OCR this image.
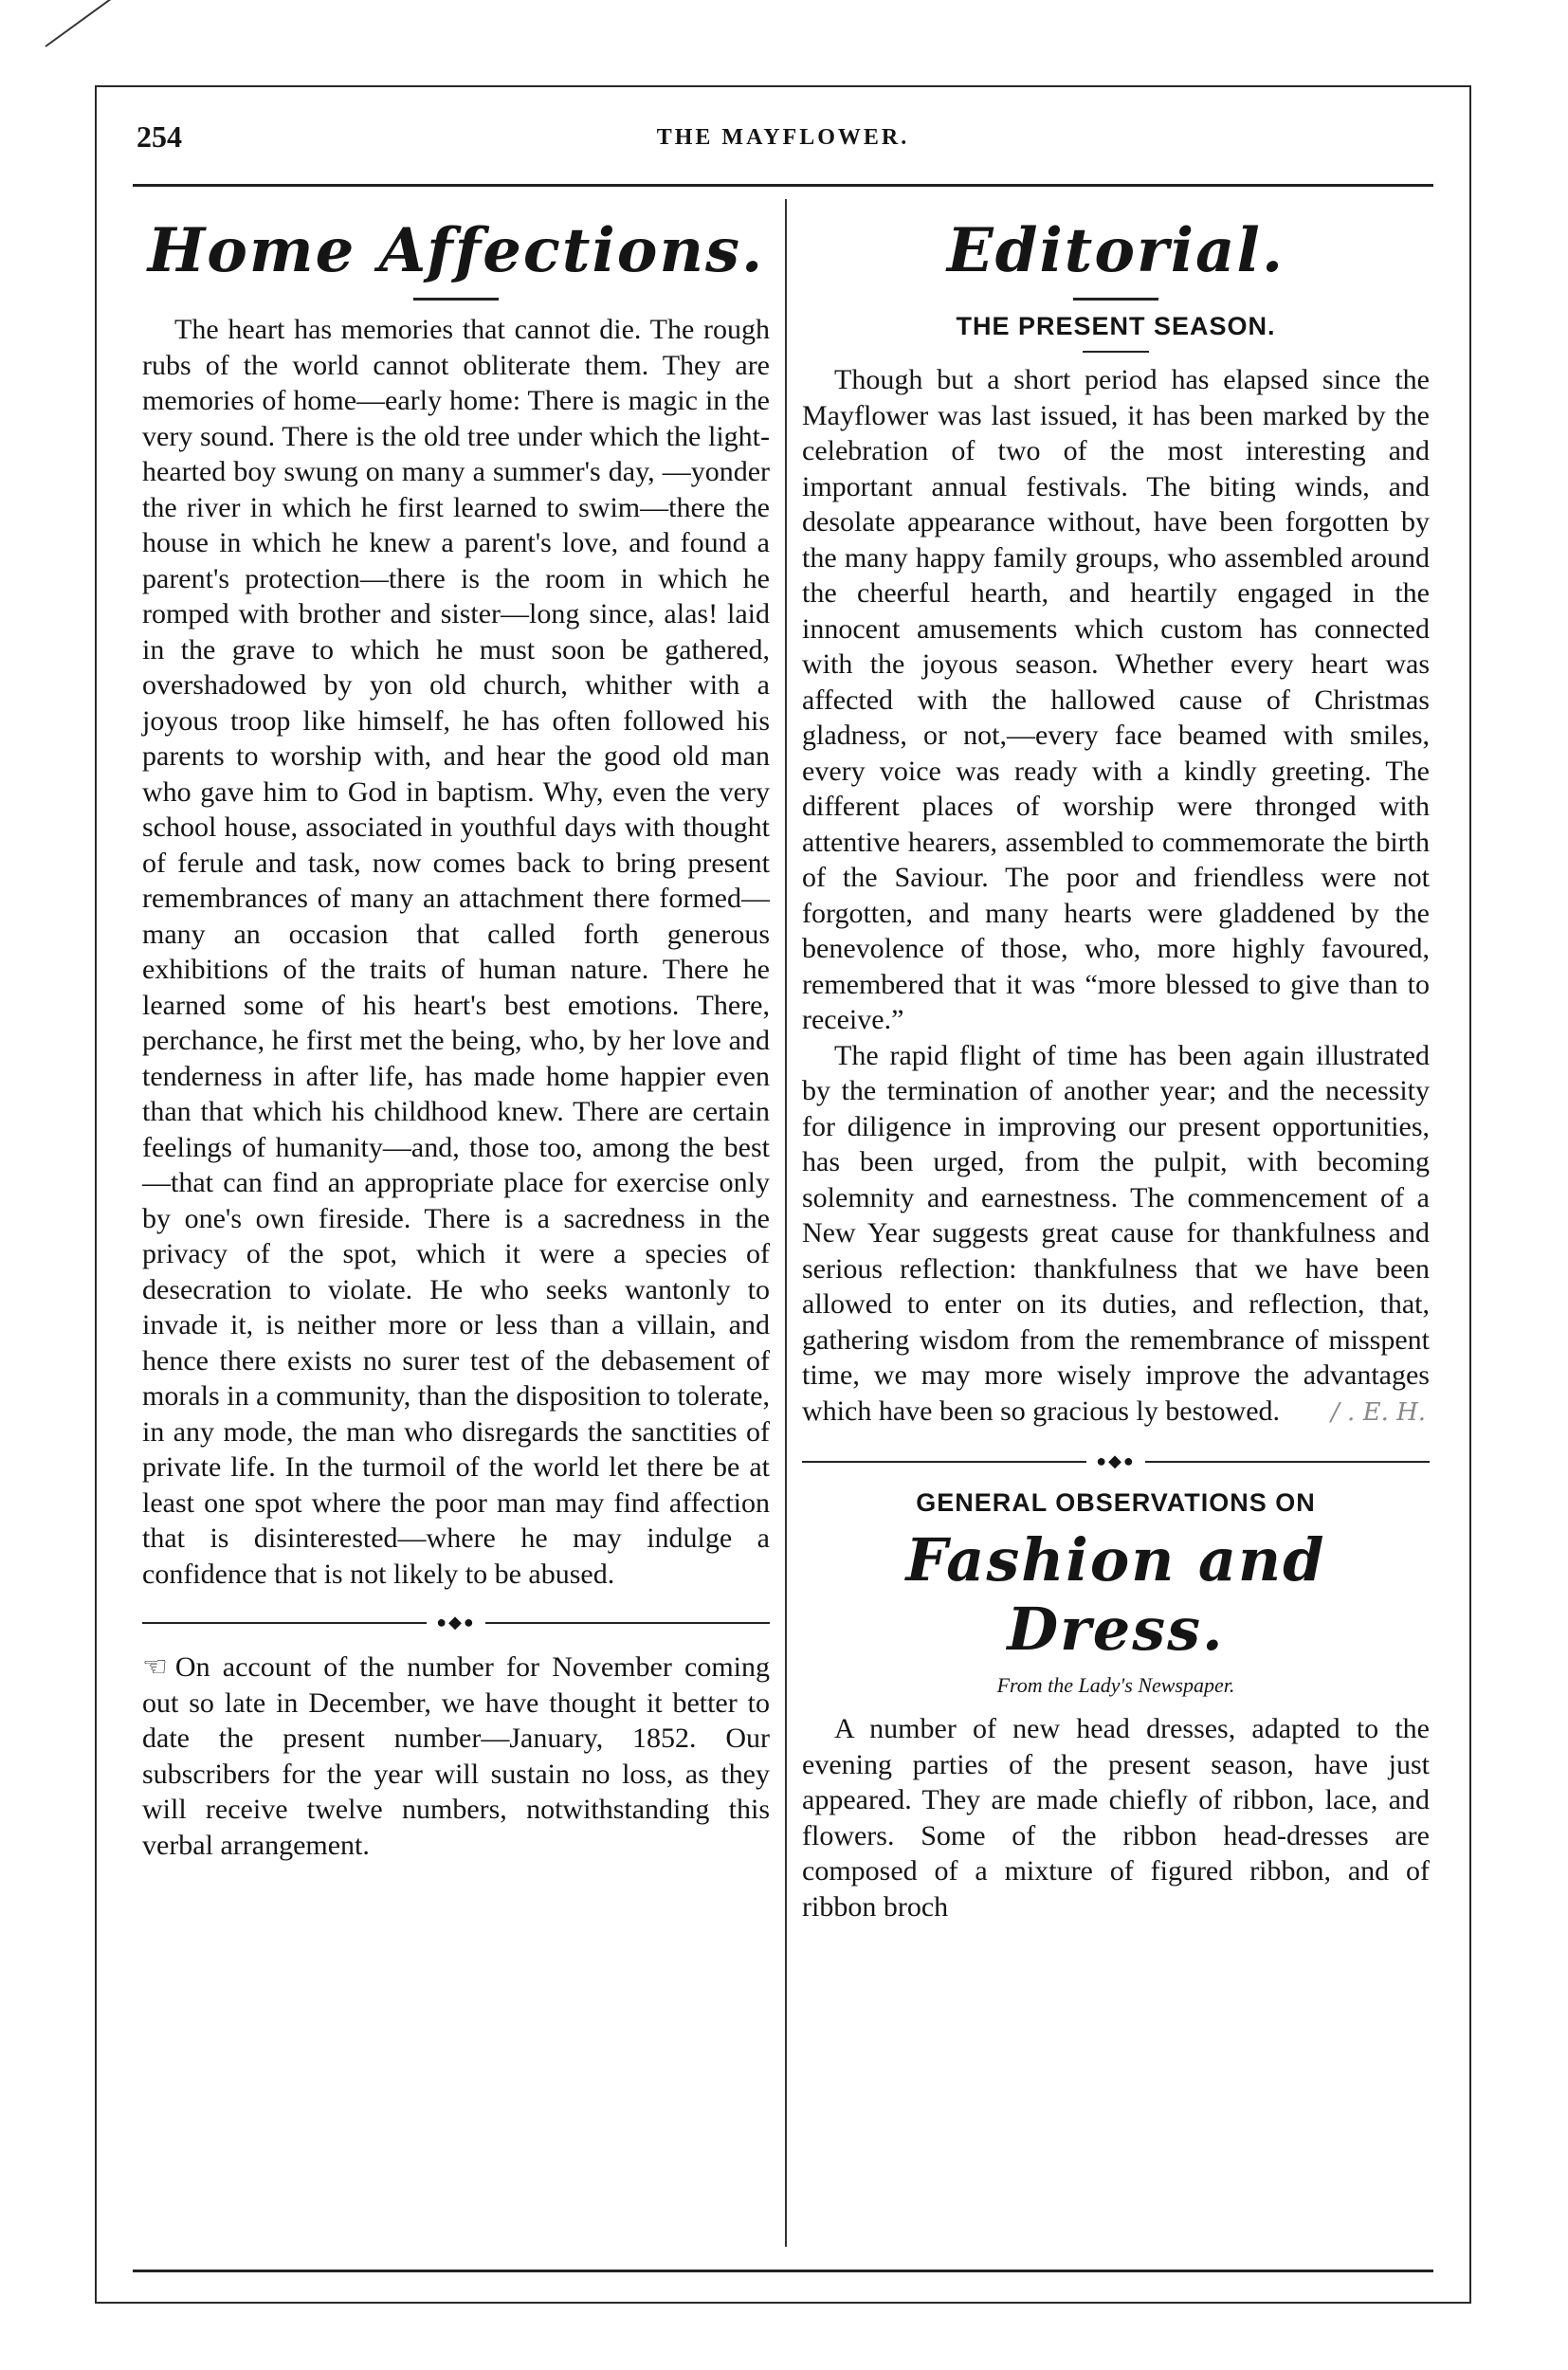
254	THE MAYFLOWER.
Home Affections.

The heart has memories that cannot die. The rough rubs of the world cannot obliterate them. They are memories of home—early home: There is magic in the very sound. There is the old tree under which the light-hearted boy swung on many a summer's day, —yonder the river in which he first learned to swim—there the house in which he knew a parent's love, and found a parent's protection—there is the room in which he romped with brother and sister—long since, alas! laid in the grave to which he must soon be gathered, overshadowed by yon old church, whither with a joyous troop like himself, he has often followed his parents to worship with, and hear the good old man who gave him to God in baptism. Why, even the very school house, associated in youthful days with thought of ferule and task, now comes back to bring present remembrances of many an attachment there formed—many an occasion that called forth generous exhibitions of the traits of human nature. There he learned some of his heart's best emotions. There, perchance, he first met the being, who, by her love and tenderness in after life, has made home happier even than that which his childhood knew. There are certain feelings of humanity—and, those too, among the best—that can find an appropriate place for exercise only by one's own fireside. There is a sacredness in the privacy of the spot, which it were a species of desecration to violate. He who seeks wantonly to invade it, is neither more or less than a villain, and hence there exists no surer test of the debasement of morals in a community, than the disposition to tolerate, in any mode, the man who disregards the sanctities of private life. In the turmoil of the world let there be at least one spot where the poor man may find affection that is disinterested—where he may indulge a confidence that is not likely to be abused.

●◆●
☞ On account of the number for November coming out so late in December, we have thought it better to date the present number—January, 1852. Our subscribers for the year will sustain no loss, as they will receive twelve numbers, notwithstanding this verbal arrangement.
Editorial.
THE PRESENT SEASON.

Though but a short period has elapsed since the Mayflower was last issued, it has been marked by the celebration of two of the most interesting and important annual festivals. The biting winds, and desolate appearance without, have been forgotten by the many happy family groups, who assembled around the cheerful hearth, and heartily engaged in the innocent amusements which custom has connected with the joyous season. Whether every heart was affected with the hallowed cause of Christmas gladness, or not,—every face beamed with smiles, every voice was ready with a kindly greeting. The different places of worship were thronged with attentive hearers, assembled to commemorate the birth of the Saviour. The poor and friendless were not forgotten, and many hearts were gladdened by the benevolence of those, who, more highly favoured, remembered that it was “more blessed to give than to receive.”

The rapid flight of time has been again illustrated by the termination of another year; and the necessity for diligence in improving our present opportunities, has been urged, from the pulpit, with becoming solemnity and earnestness. The commencement of a New Year suggests great cause for thankfulness and serious reflection: thankfulness that we have been allowed to enter on its duties, and reflection, that, gathering wisdom from the remembrance of misspent time, we may more wisely improve the advantages which have been so gracious ly bestowed. / . E. H.

●◆●
GENERAL OBSERVATIONS ON
Fashion and Dress.
From the Lady's Newspaper.

A number of new head dresses, adapted to the evening parties of the present season, have just appeared. They are made chiefly of ribbon, lace, and flowers. Some of the ribbon head-dresses are composed of a mixture of figured ribbon, and of ribbon broch
